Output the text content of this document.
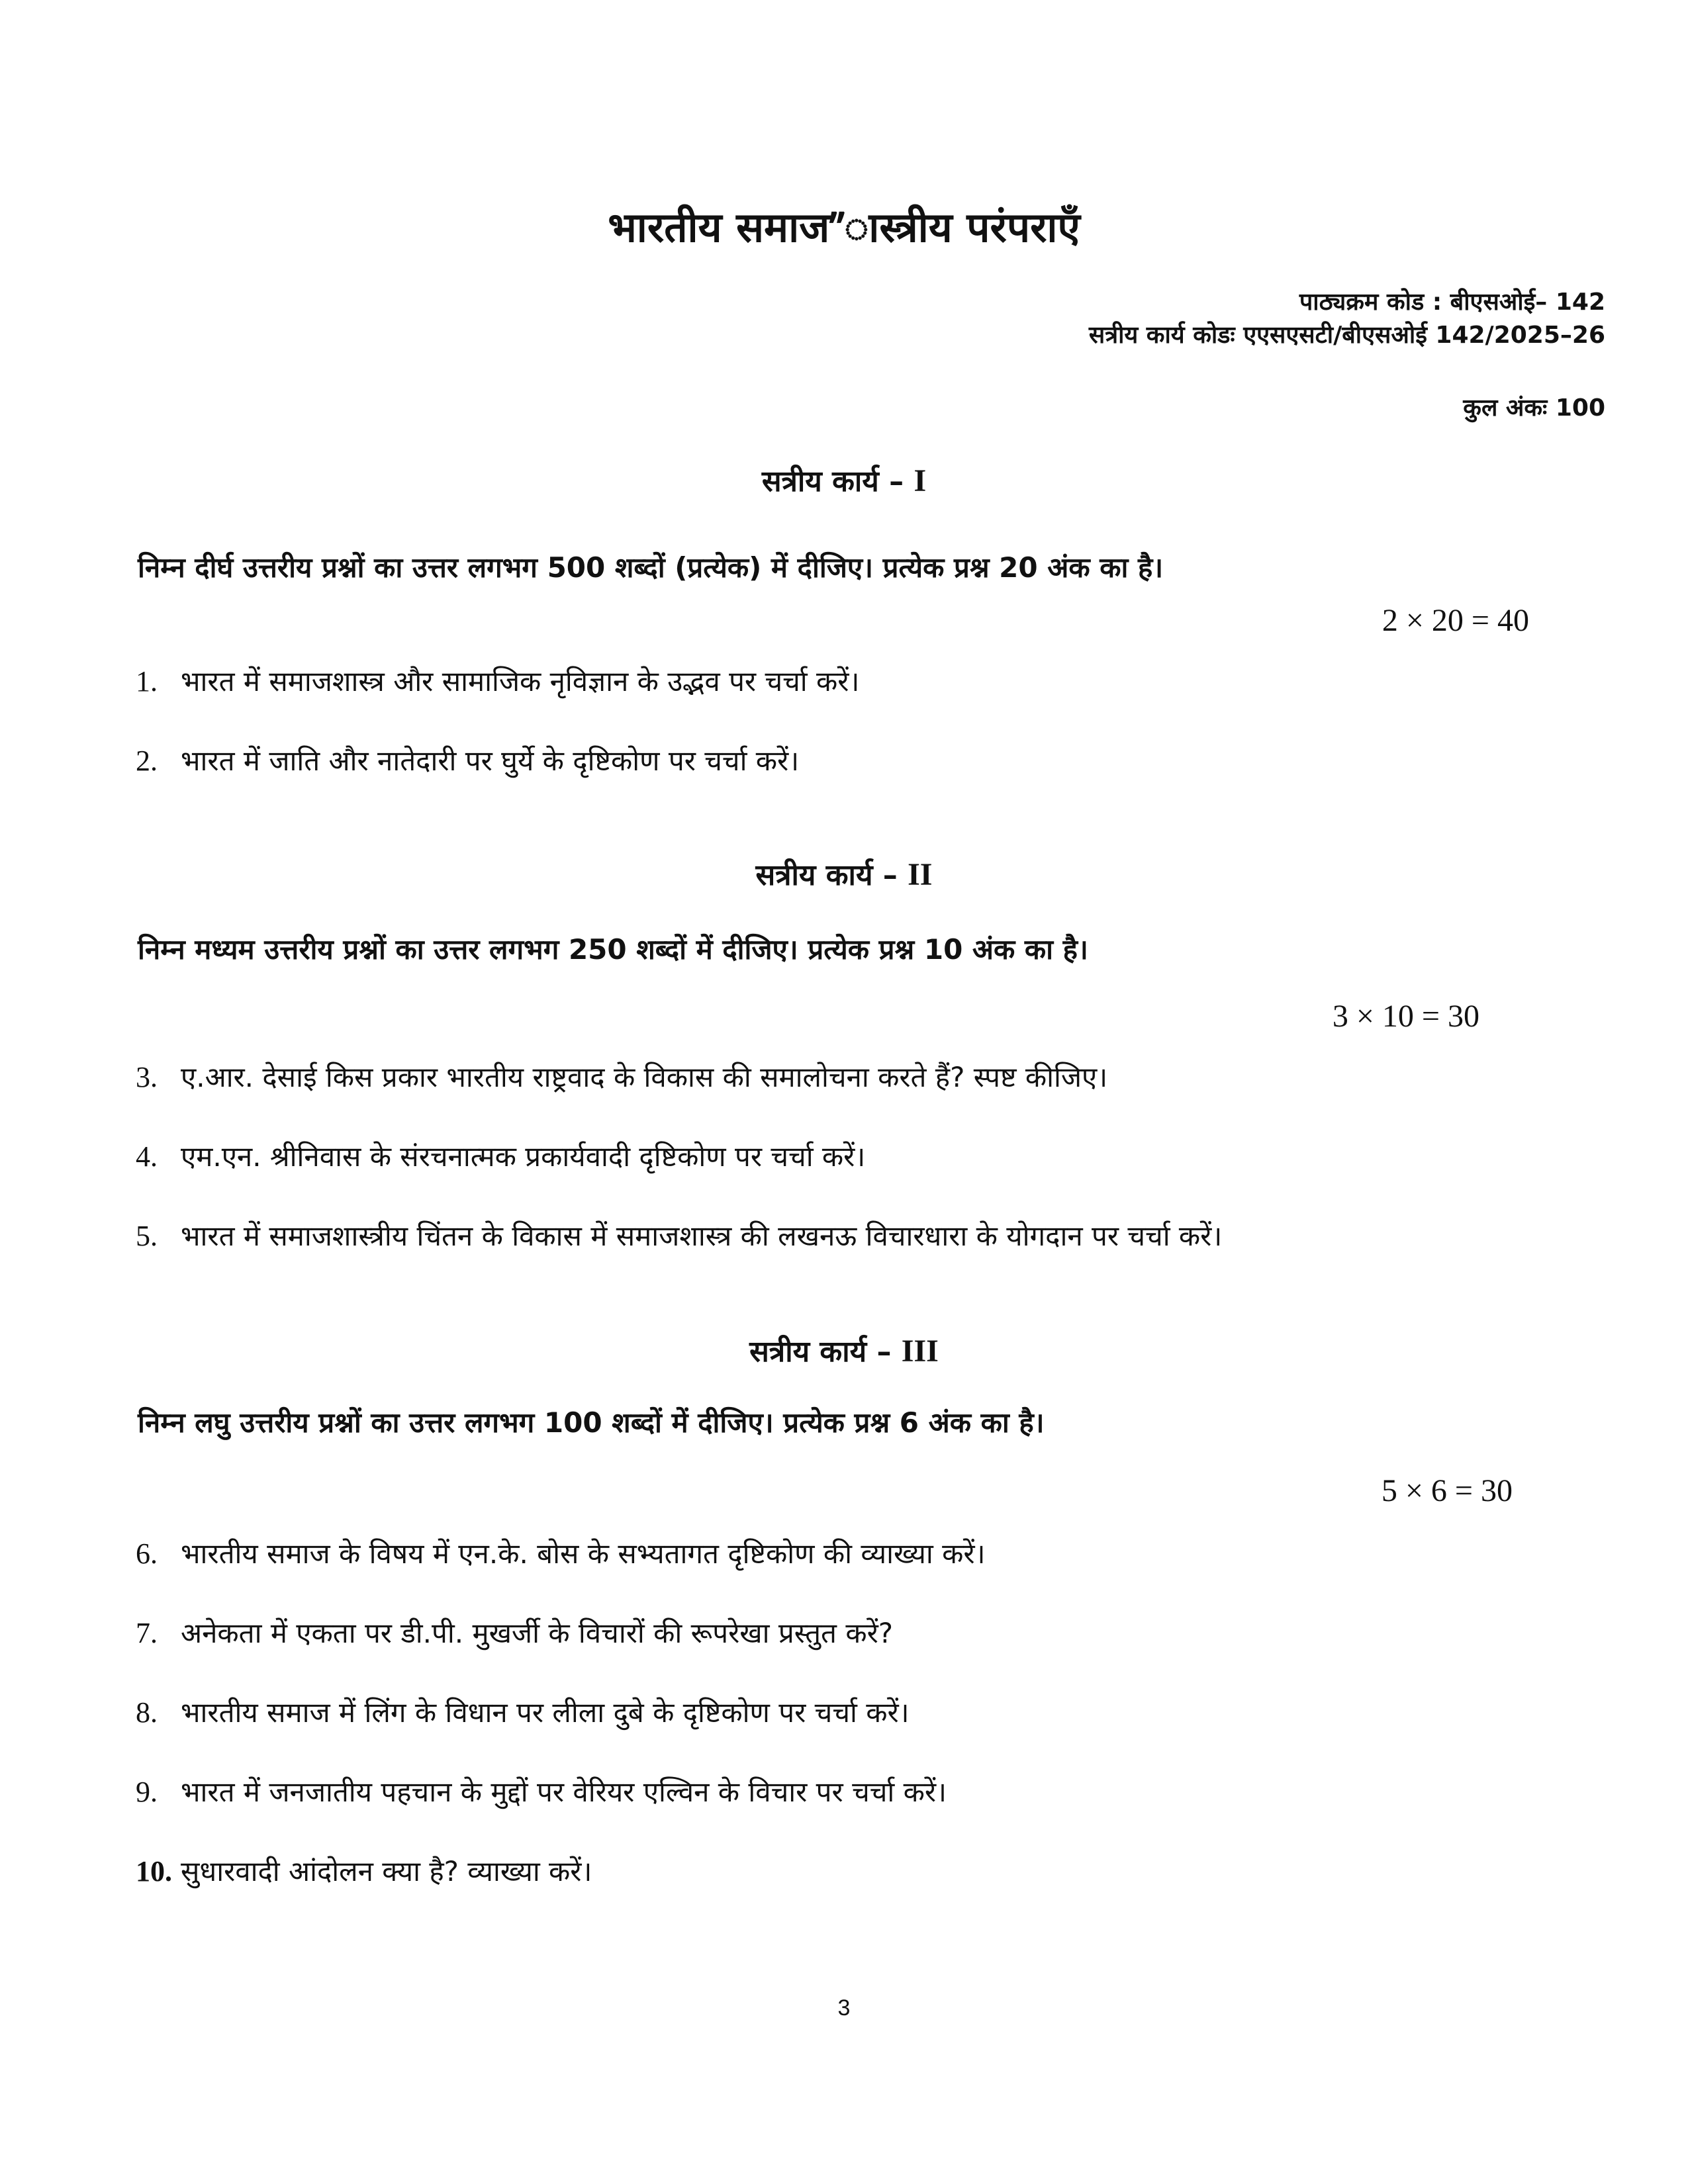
भारतीय समाज”ास्त्रीय परंपराएँ
पाठ्यक्रम कोड : बीएसओई– 142
सत्रीय कार्य कोडः एएसएसटी/बीएसओई 142/2025–26
कुल अंकः 100
सत्रीय कार्य – I
निम्न दीर्घ उत्तरीय प्रश्नों का उत्तर लगभग 500 शब्दों (प्रत्येक) में दीजिए। प्रत्येक प्रश्न 20 अंक का है।
2 × 20 = 40
1. भारत में समाजशास्त्र और सामाजिक नृविज्ञान के उद्भव पर चर्चा करें।
2. भारत में जाति और नातेदारी पर घुर्ये के दृष्टिकोण पर चर्चा करें।
सत्रीय कार्य – II
निम्न मध्यम उत्तरीय प्रश्नों का उत्तर लगभग 250 शब्दों में दीजिए। प्रत्येक प्रश्न 10 अंक का है।
3 × 10 = 30
3. ए.आर. देसाई किस प्रकार भारतीय राष्ट्रवाद के विकास की समालोचना करते हैं? स्पष्ट कीजिए।
4. एम.एन. श्रीनिवास के संरचनात्मक प्रकार्यवादी दृष्टिकोण पर चर्चा करें।
5. भारत में समाजशास्त्रीय चिंतन के विकास में समाजशास्त्र की लखनऊ विचारधारा के योगदान पर चर्चा करें।
सत्रीय कार्य – III
निम्न लघु उत्तरीय प्रश्नों का उत्तर लगभग 100 शब्दों में दीजिए। प्रत्येक प्रश्न 6 अंक का है।
5 × 6 = 30
6. भारतीय समाज के विषय में एन.के. बोस के सभ्यतागत दृष्टिकोण की व्याख्या करें।
7. अनेकता में एकता पर डी.पी. मुखर्जी के विचारों की रूपरेखा प्रस्तुत करें?
8. भारतीय समाज में लिंग के विधान पर लीला दुबे के दृष्टिकोण पर चर्चा करें।
9. भारत में जनजातीय पहचान के मुद्दों पर वेरियर एल्विन के विचार पर चर्चा करें।
10. सुधारवादी आंदोलन क्या है? व्याख्या करें।
3
